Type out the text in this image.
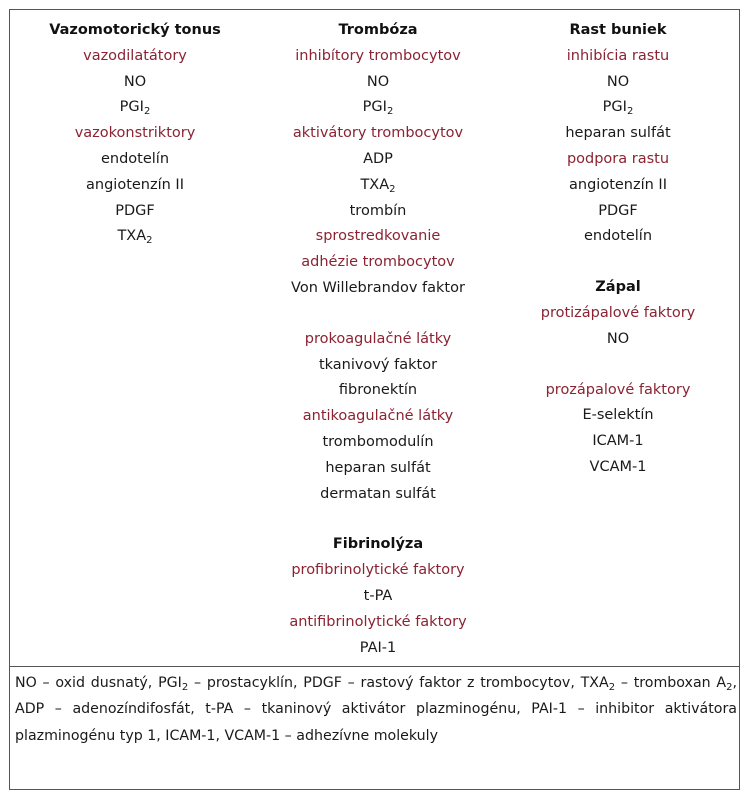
Vazomotorický tonus
vazodilatátory
NO
$PGI_2$
vazokonstriktory
endotelín
angiotenzín II
PDGF
$TXA_2$
Trombóza
inhibítory trombocytov
NO
$PGI_2$
aktivátory trombocytov
ADP
$TXA_2$
trombín
sprostredkovanie
adhézie trombocytov
Von Willebrandov faktor
prokoagulačné látky
tkanivový faktor
fibronektín
antikoagulačné látky
trombomodulín
heparan sulfát
dermatan sulfát
Fibrinolýza
profibrinolytické faktory
t-PA
antifibrinolytické faktory
PAI-1
Rast buniek
inhibícia rastu
NO
$PGI_2$
heparan sulfát
podpora rastu
angiotenzín II
PDGF
endotelín
Zápal
protizápalové faktory
NO
prozápalové faktory
E-selektín
ICAM-1
VCAM-1
NO – oxid dusnatý, $PGI_2$ – prostacyklín, PDGF – rastový faktor z trombocytov, $TXA_2$ – tromboxan $A_2$, ADP – adenozíndifosfát, t-PA – tkaninový aktivátor plazminogénu, PAI-1 – inhibitor aktivátora plazminogénu typ 1, ICAM-1, VCAM-1 – adhezívne molekuly
